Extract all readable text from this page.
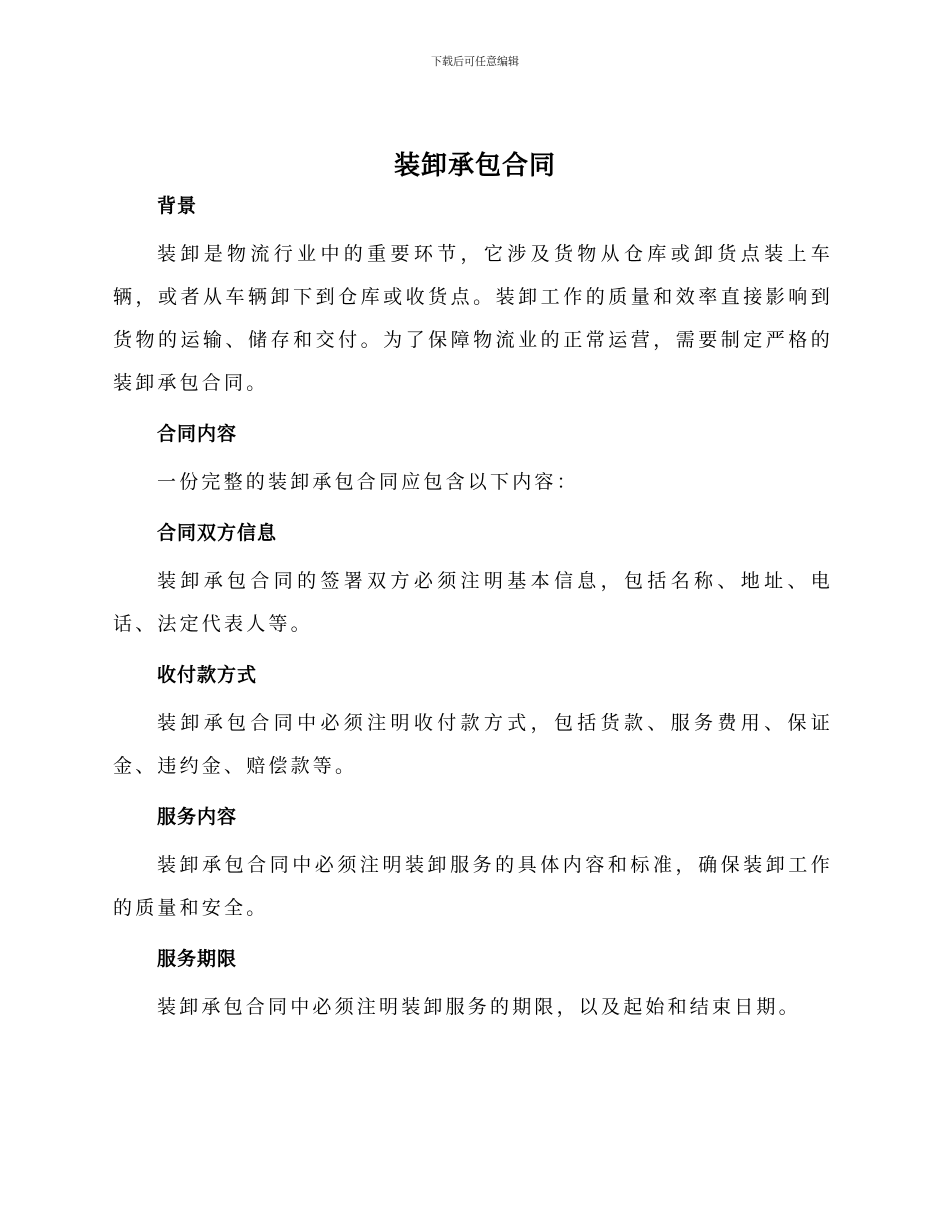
下载后可任意编辑
装卸承包合同
背景

装卸是物流行业中的重要环节，它涉及货物从仓库或卸货点装上车辆，或者从车辆卸下到仓库或收货点。装卸工作的质量和效率直接影响到货物的运输、储存和交付。为了保障物流业的正常运营，需要制定严格的装卸承包合同。

合同内容

一份完整的装卸承包合同应包含以下内容：

合同双方信息

装卸承包合同的签署双方必须注明基本信息，包括名称、地址、电话、法定代表人等。

收付款方式

装卸承包合同中必须注明收付款方式，包括货款、服务费用、保证金、违约金、赔偿款等。

服务内容

装卸承包合同中必须注明装卸服务的具体内容和标准，确保装卸工作的质量和安全。

服务期限

装卸承包合同中必须注明装卸服务的期限，以及起始和结束日期。
